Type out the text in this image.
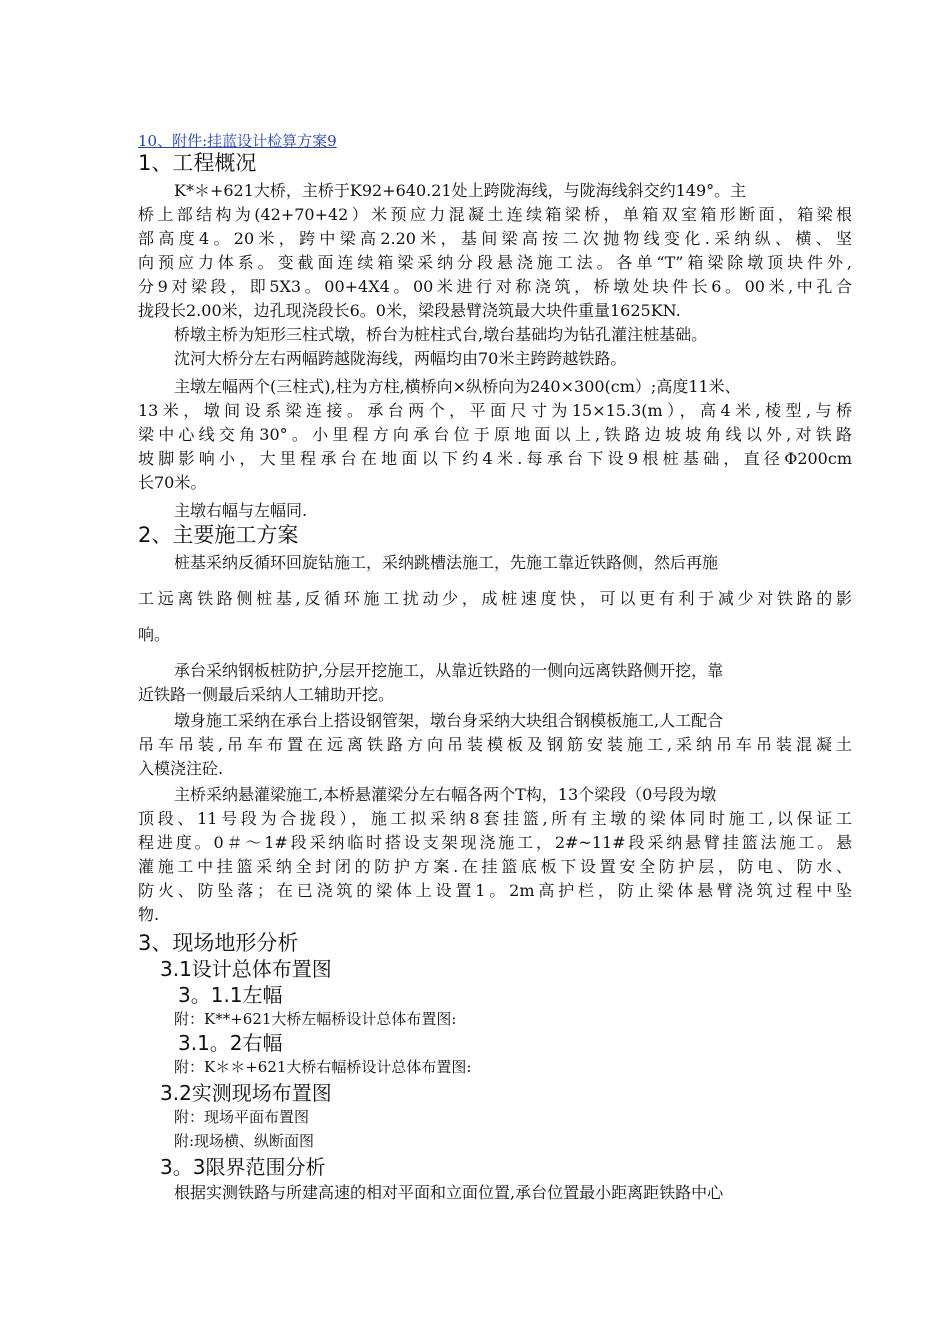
10、附件:挂蓝设计检算方案9
1、工程概况
K*＊+621大桥，主桥于K92+640.21处上跨陇海线，与陇海线斜交约149°。主
桥上部结构为(42+70+42）米预应力混凝土连续箱梁桥，单箱双室箱形断面，箱梁根
部高度4。20米，跨中梁高2.20米，基间梁高按二次抛物线变化.采纳纵、横、坚
向预应力体系。变截面连续箱梁采纳分段悬浇施工法。各单“T”箱梁除墩顶块件外,
分9对梁段，即5X3。00+4X4。00米进行对称浇筑，桥墩处块件长6。00米,中孔合
拢段长2.00米，边孔现浇段长6。0米，梁段悬臂浇筑最大块件重量1625KN.
桥墩主桥为矩形三柱式墩，桥台为桩柱式台,墩台基础均为钻孔灌注桩基础。
沈河大桥分左右两幅跨越陇海线，两幅均由70米主跨跨越铁路。
主墩左幅两个(三柱式),柱为方柱,横桥向×纵桥向为240×300(cm）;高度11米、
13米，墩间设系梁连接。承台两个，平面尺寸为15×15.3(m），高4米,棱型,与桥
梁中心线交角30°。小里程方向承台位于原地面以上,铁路边坡坡角线以外,对铁路
坡脚影响小，大里程承台在地面以下约4米.每承台下设9根桩基础，直径Φ200cm
长70米。
主墩右幅与左幅同.
2、主要施工方案
桩基采纳反循环回旋钻施工，采纳跳槽法施工，先施工靠近铁路侧，然后再施
工远离铁路侧桩基,反循环施工扰动少，成桩速度快，可以更有利于减少对铁路的影
响。
承台采纳钢板桩防护,分层开挖施工，从靠近铁路的一侧向远离铁路侧开挖，靠
近铁路一侧最后采纳人工辅助开挖。
墩身施工采纳在承台上搭设钢管架，墩台身采纳大块组合钢模板施工,人工配合
吊车吊装,吊车布置在远离铁路方向吊装模板及钢筋安装施工,采纳吊车吊装混凝土
入模浇注砼.
主桥采纳悬灌梁施工,本桥悬灌梁分左右幅各两个T构，13个梁段（0号段为墩
顶段、11号段为合拢段），施工拟采纳8套挂篮,所有主墩的梁体同时施工,以保证工
程进度。0＃～1#段采纳临时搭设支架现浇施工，2#~11#段采纳悬臂挂篮法施工。悬
灌施工中挂篮采纳全封闭的防护方案.在挂篮底板下设置安全防护层，防电、防水、
防火、防坠落；在已浇筑的梁体上设置1。2m高护栏，防止梁体悬臂浇筑过程中坠
物.
3、现场地形分析
3.1设计总体布置图
3。1.1左幅
附：K**+621大桥左幅桥设计总体布置图:
3.1。2右幅
附：K＊＊+621大桥右幅桥设计总体布置图:
3.2实测现场布置图
附：现场平面布置图
附:现场横、纵断面图
3。3限界范围分析
根据实测铁路与所建高速的相对平面和立面位置,承台位置最小距离距铁路中心
